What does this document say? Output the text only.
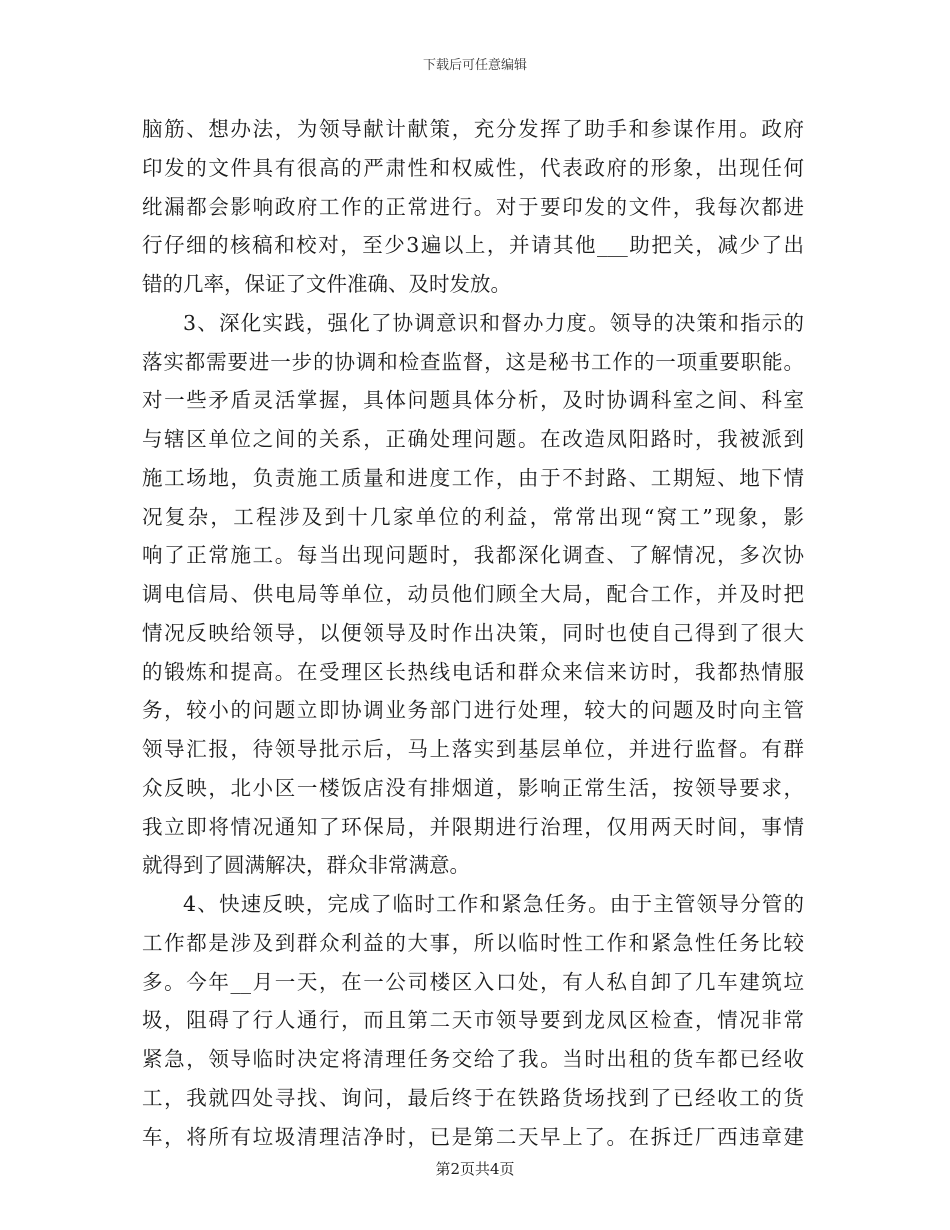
下载后可任意编辑
脑筋、想办法，为领导献计献策，充分发挥了助手和参谋作用。政府
印发的文件具有很高的严肃性和权威性，代表政府的形象，出现任何
纰漏都会影响政府工作的正常进行。对于要印发的文件，我每次都进
行仔细的核稿和校对，至少3遍以上，并请其他___助把关，减少了出
错的几率，保证了文件准确、及时发放。
3、深化实践，强化了协调意识和督办力度。领导的决策和指示的
落实都需要进一步的协调和检查监督，这是秘书工作的一项重要职能。
对一些矛盾灵活掌握，具体问题具体分析，及时协调科室之间、科室
与辖区单位之间的关系，正确处理问题。在改造凤阳路时，我被派到
施工场地，负责施工质量和进度工作，由于不封路、工期短、地下情
况复杂，工程涉及到十几家单位的利益，常常出现“窝工”现象，影
响了正常施工。每当出现问题时，我都深化调查、了解情况，多次协
调电信局、供电局等单位，动员他们顾全大局，配合工作，并及时把
情况反映给领导，以便领导及时作出决策，同时也使自己得到了很大
的锻炼和提高。在受理区长热线电话和群众来信来访时，我都热情服
务，较小的问题立即协调业务部门进行处理，较大的问题及时向主管
领导汇报，待领导批示后，马上落实到基层单位，并进行监督。有群
众反映，北小区一楼饭店没有排烟道，影响正常生活，按领导要求，
我立即将情况通知了环保局，并限期进行治理，仅用两天时间，事情
就得到了圆满解决，群众非常满意。
4、快速反映，完成了临时工作和紧急任务。由于主管领导分管的
工作都是涉及到群众利益的大事，所以临时性工作和紧急性任务比较
多。今年__月一天，在一公司楼区入口处，有人私自卸了几车建筑垃
圾，阻碍了行人通行，而且第二天市领导要到龙凤区检查，情况非常
紧急，领导临时决定将清理任务交给了我。当时出租的货车都已经收
工，我就四处寻找、询问，最后终于在铁路货场找到了已经收工的货
车，将所有垃圾清理洁净时，已是第二天早上了。在拆迁厂西违章建
第2页共4页
